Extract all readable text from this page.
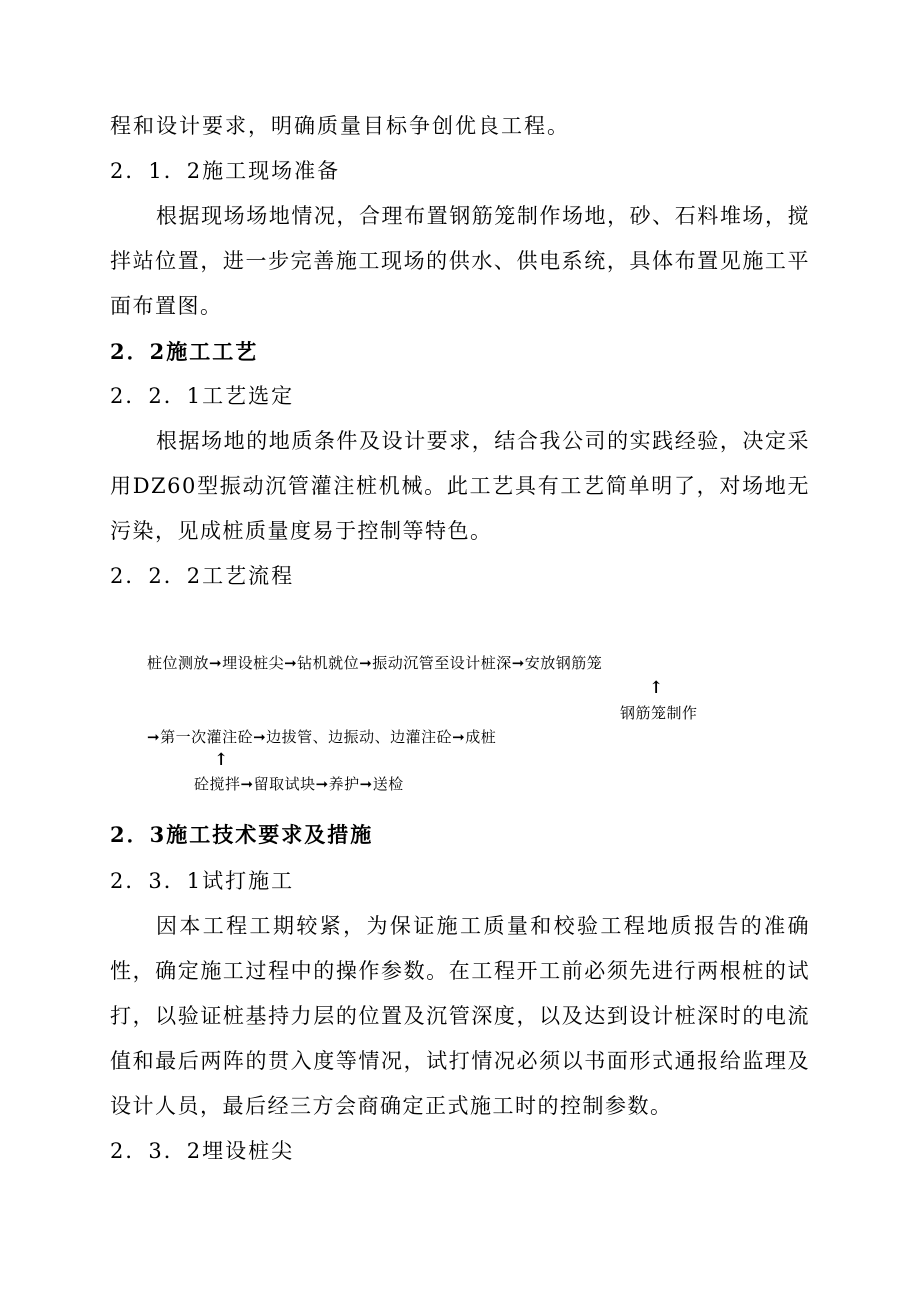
程和设计要求，明确质量目标争创优良工程。
2．1．2施工现场准备
根据现场场地情况，合理布置钢筋笼制作场地，砂、石料堆场，搅拌站位置，进一步完善施工现场的供水、供电系统，具体布置见施工平面布置图。
2．2施工工艺
2．2．1工艺选定
根据场地的地质条件及设计要求，结合我公司的实践经验，决定采用DZ60型振动沉管灌注桩机械。此工艺具有工艺简单明了，对场地无污染，见成桩质量度易于控制等特色。
2．2．2工艺流程
桩位测放➞埋设桩尖➞钻机就位➞振动沉管至设计桩深➞安放钢筋笼
↑
钢筋笼制作
➞第一次灌注砼➞边拔管、边振动、边灌注砼➞成桩
↑
砼搅拌➞留取试块➞养护➞送检
2．3施工技术要求及措施
2．3．1试打施工
因本工程工期较紧，为保证施工质量和校验工程地质报告的准确性，确定施工过程中的操作参数。在工程开工前必须先进行两根桩的试打，以验证桩基持力层的位置及沉管深度，以及达到设计桩深时的电流值和最后两阵的贯入度等情况，试打情况必须以书面形式通报给监理及设计人员，最后经三方会商确定正式施工时的控制参数。
2．3．2埋设桩尖
